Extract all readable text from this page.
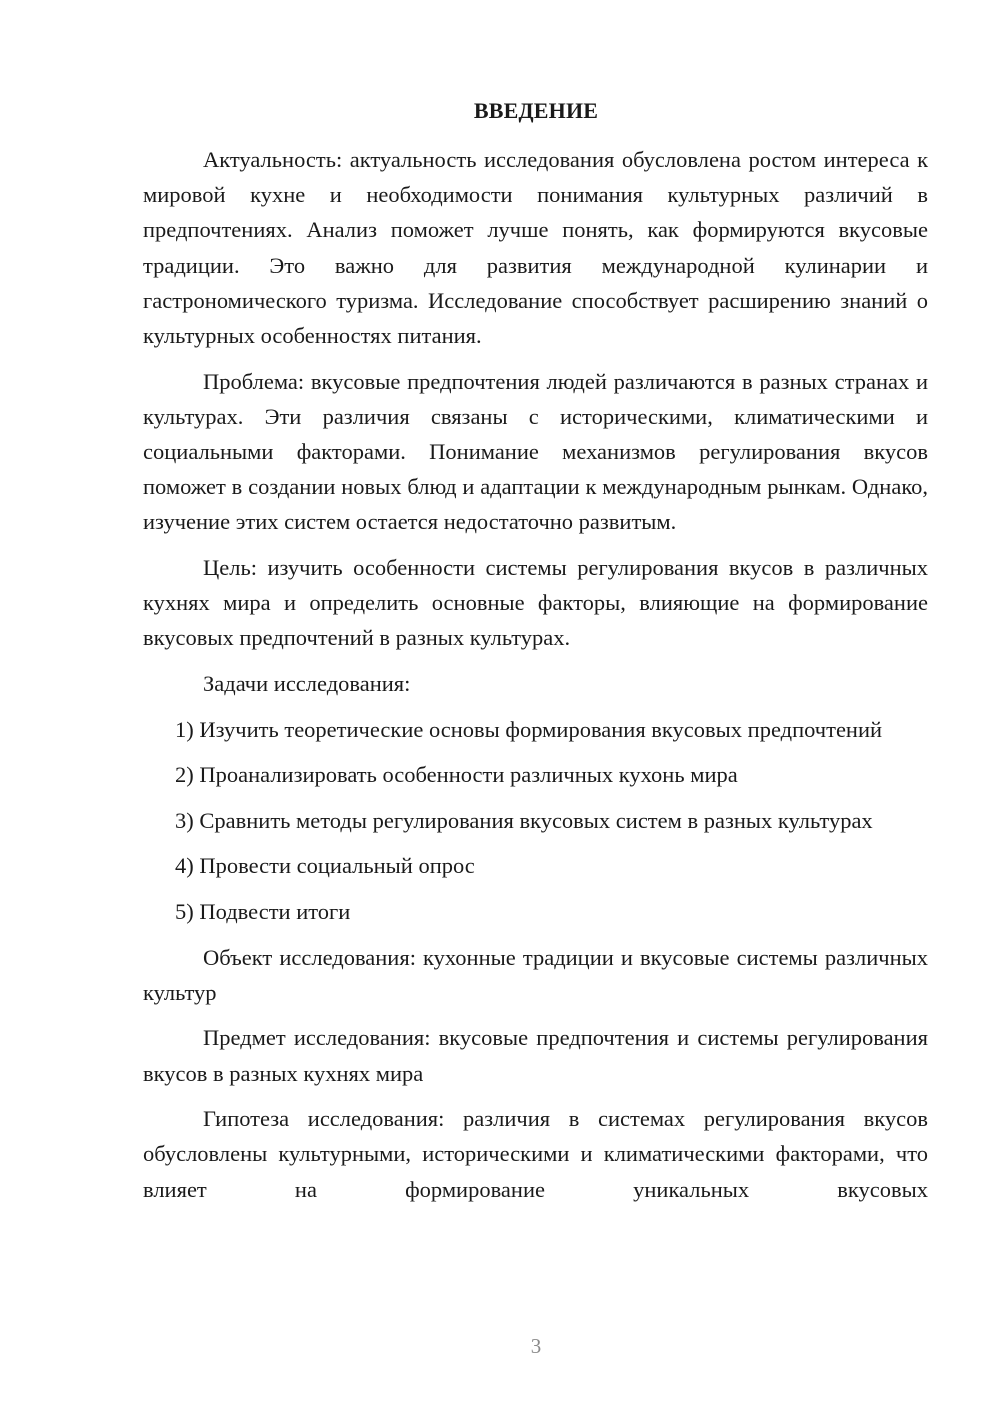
ВВЕДЕНИЕ

Актуальность: актуальность исследования обусловлена ростом интереса к мировой кухне и необходимости понимания культурных различий в предпочтениях. Анализ поможет лучше понять, как формируются вкусовые традиции. Это важно для развития международной кулинарии и гастрономического туризма. Исследование способствует расширению знаний о культурных особенностях питания.

Проблема: вкусовые предпочтения людей различаются в разных странах и культурах. Эти различия связаны с историческими, климатическими и социальными факторами. Понимание механизмов регулирования вкусов поможет в создании новых блюд и адаптации к международным рынкам. Однако, изучение этих систем остается недостаточно развитым.

Цель: изучить особенности системы регулирования вкусов в различных кухнях мира и определить основные факторы, влияющие на формирование вкусовых предпочтений в разных культурах.

Задачи исследования:

1) Изучить теоретические основы формирования вкусовых предпочтений

2) Проанализировать особенности различных кухонь мира

3) Сравнить методы регулирования вкусовых систем в разных культурах

4) Провести социальный опрос

5) Подвести итоги

Объект исследования: кухонные традиции и вкусовые системы различных культур

Предмет исследования: вкусовые предпочтения и системы регулирования вкусов в разных кухнях мира

Гипотеза исследования: различия в системах регулирования вкусов обусловлены культурными, историческими и климатическими факторами, что влияет на формирование уникальных вкусовых

3
